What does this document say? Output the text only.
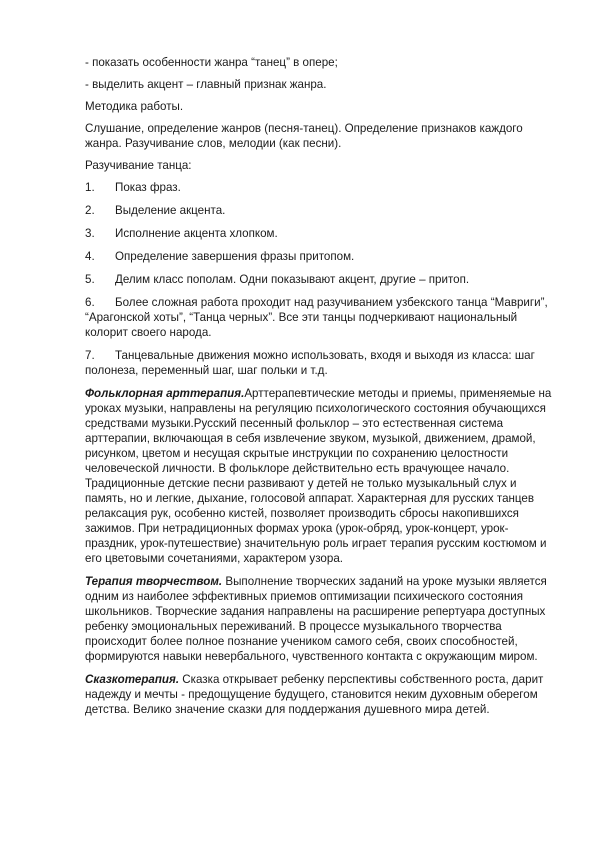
- показать особенности жанра “танец” в опере;

- выделить акцент – главный признак жанра.

Методика работы.

Слушание, определение жанров (песня-танец). Определение признаков каждого жанра. Разучивание слов, мелодии (как песни).

Разучивание танца:

1.	Показ фраз.
2.	Выделение акцента.
3.	Исполнение акцента хлопком.
4.	Определение завершения фразы притопом.
5.	Делим класс пополам. Одни показывают акцент, другие – притоп.
6. Более сложная работа проходит над разучиванием узбекского танца “Мавриги”, “Арагонской хоты”, “Танца черных”. Все эти танцы подчеркивают национальный колорит своего народа.
7. Танцевальные движения можно использовать, входя и выходя из класса: шаг полонеза, переменный шаг, шаг польки и т.д.

Фольклорная арттерапия.Арттерапевтические методы и приемы, применяемые на уроках музыки, направлены на регуляцию психологического состояния обучающихся средствами музыки.Русский песенный фольклор – это естественная система арттерапии, включающая в себя извлечение звуком, музыкой, движением, драмой, рисунком, цветом и несущая скрытые инструкции по сохранению целостности человеческой личности. В фольклоре действительно есть врачующее начало. Традиционные детские песни развивают у детей не только музыкальный слух и память, но и легкие, дыхание, голосовой аппарат. Характерная для русских танцев релаксация рук, особенно кистей, позволяет производить сбросы накопившихся зажимов. При нетрадиционных формах урока (урок-обряд, урок-концерт, урок-праздник, урок-путешествие) значительную роль играет терапия русским костюмом и его цветовыми сочетаниями, характером узора.

Терапия творчеством. Выполнение творческих заданий на уроке музыки является одним из наиболее эффективных приемов оптимизации психического состояния школьников. Творческие задания направлены на расширение репертуара доступных ребенку эмоциональных переживаний. В процессе музыкального творчества происходит более полное познание учеником самого себя, своих способностей, формируются навыки невербального, чувственного контакта с окружающим миром.

Сказкотерапия. Сказка открывает ребенку перспективы собственного роста, дарит надежду и мечты - предощущение будущего, становится неким духовным оберегом детства. Велико значение сказки для поддержания душевного мира детей.
